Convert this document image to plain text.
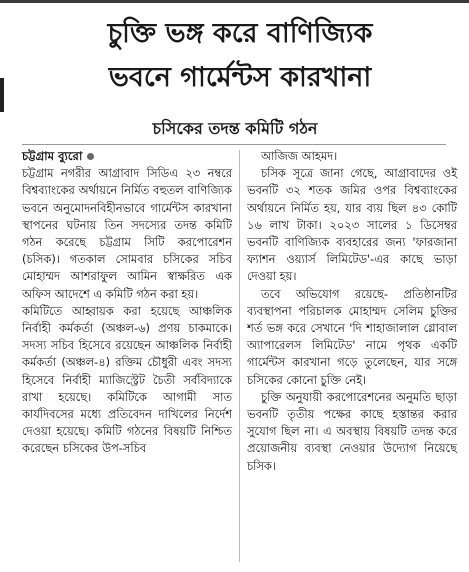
চুক্তি ভঙ্গ করে বাণিজ্যিক
ভবনে গার্মেন্টস কারখানা
চসিকের তদন্ত কমিটি গঠন
চট্টগ্রাম ব্যুরো

চট্টগ্রাম নগরীর আগ্রাবাদ সিডিএ ২৩ নম্বরে বিশ্বব্যাংকের অর্থায়নে নির্মিত বহুতল বাণিজ্যিক ভবনে অনুমোদনবিহীনভাবে গার্মেন্টস কারখানা স্থাপনের ঘটনায় তিন সদস্যের তদন্ত কমিটি গঠন করেছে চট্টগ্রাম সিটি করপোরেশন (চসিক)। গতকাল সোমবার চসিকের সচিব মোহাম্মদ আশরাফুল আমিন স্বাক্ষরিত এক অফিস আদেশে এ কমিটি গঠন করা হয়।

কমিটিতে আহ্বায়ক করা হয়েছে আঞ্চলিক নির্বাহী কর্মকর্তা (অঞ্চল-৬) প্রণয় চাকমাকে। সদস্য সচিব হিসেবে রয়েছেন আঞ্চলিক নির্বাহী কর্মকর্তা (অঞ্চল-৪) রক্তিম চৌধুরী এবং সদস্য হিসেবে নির্বাহী ম্যাজিস্ট্রেট চৈতী সর্ববিদ্যাকে রাখা হয়েছে। কমিটিকে আগামী সাত কার্যদিবসের মধ্যে প্রতিবেদন দাখিলের নির্দেশ দেওয়া হয়েছে। কমিটি গঠনের বিষয়টি নিশ্চিত করেছেন চসিকের উপ-সচিব

আজিজ আহমদ।

চসিক সূত্রে জানা গেছে, আগ্রাবাদের ওই ভবনটি ৩২ শতক জমির ওপর বিশ্বব্যাংকের অর্থায়নে নির্মিত হয়, যার ব্যয় ছিল ৪৩ কোটি ১৬ লাখ টাকা। ২০২৩ সালের ১ ডিসেম্বর ভবনটি বাণিজ্যিক ব্যবহারের জন্য 'ফারজানা ফ্যাশন ওয়্যার্স লিমিটেড'-এর কাছে ভাড়া দেওয়া হয়।

তবে অভিযোগ রয়েছে- প্রতিষ্ঠানটির ব্যবস্থাপনা পরিচালক মোহাম্মদ সেলিম চুক্তির শর্ত ভঙ্গ করে সেখানে 'দি শাহাজালাল গ্লোবাল অ্যাপারেলস লিমিটেড' নামে পৃথক একটি গার্মেন্টস কারখানা গড়ে তুলেছেন, যার সঙ্গে চসিকের কোনো চুক্তি নেই।

চুক্তি অনুযায়ী করপোরেশনের অনুমতি ছাড়া ভবনটি তৃতীয় পক্ষের কাছে হস্তান্তর করার সুযোগ ছিল না। এ অবস্থায় বিষয়টি তদন্ত করে প্রয়োজনীয় ব্যবস্থা নেওয়ার উদ্যোগ নিয়েছে চসিক।
